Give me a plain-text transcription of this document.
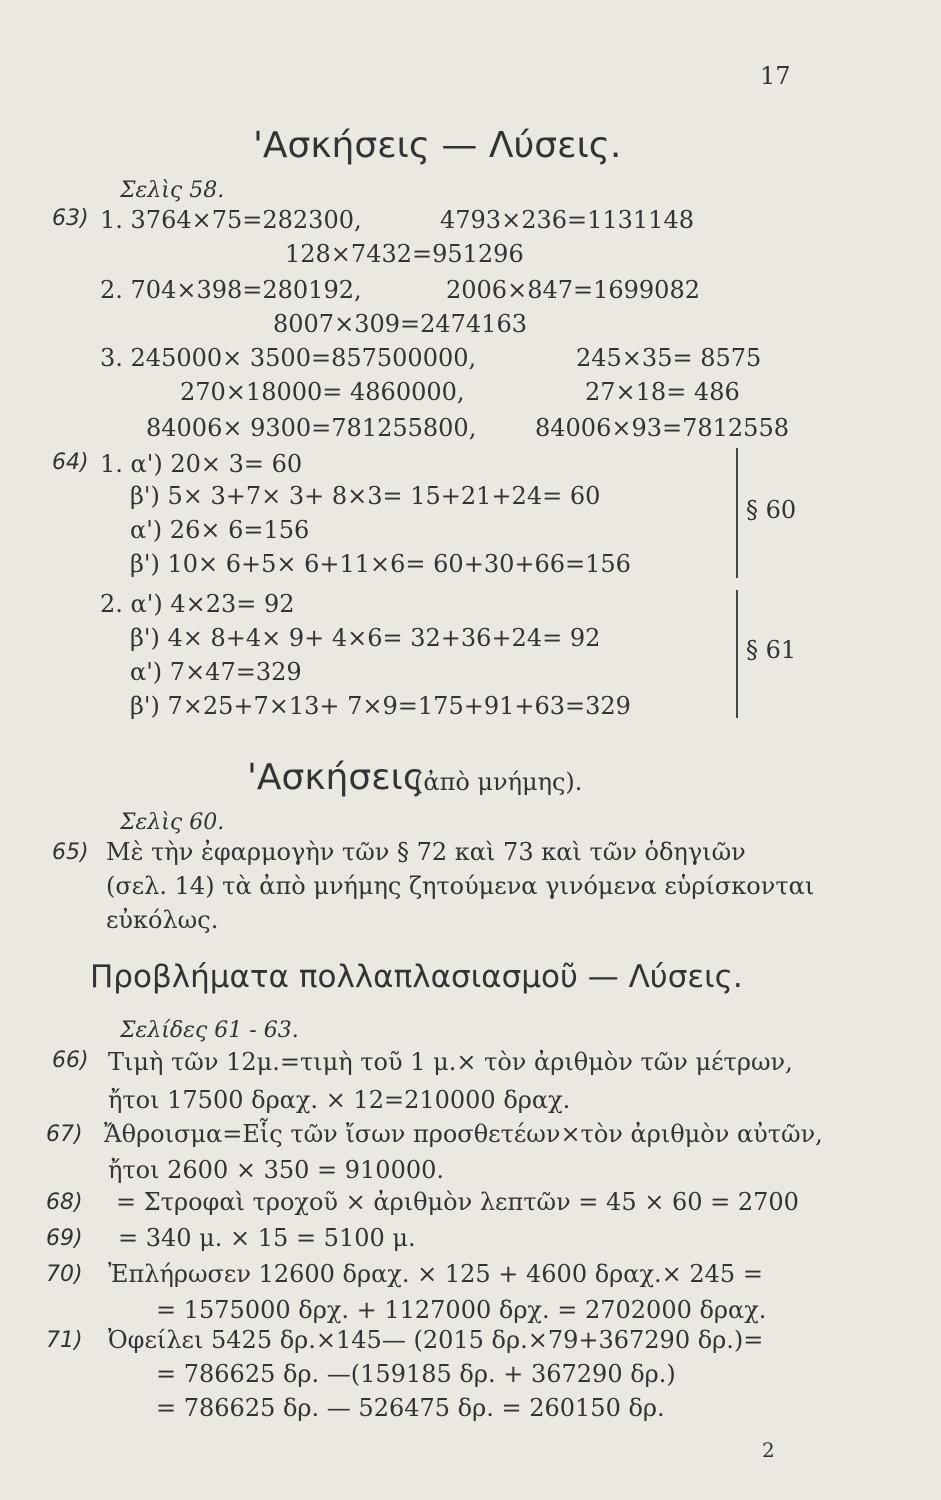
17
'Ασκήσεις — Λύσεις.
Σελὶς 58.
63) 1. 3764×75=282300,	4793×236=1131148
128×7432=951296
2. 704×398=280192,	2006×847=1699082
8007×309=2474163
3. 245000× 3500=857500000,	245×35= 8575
270×18000= 4860000,	27×18= 486
84006× 9300=781255800, 84006×93=7812558
64) 1. α') 20× 3= 60
β') 5× 3+7× 3+ 8×3= 15+21+24= 60
α') 26× 6=156
β') 10× 6+5× 6+11×6= 60+30+66=156
§ 60
2. α') 4×23= 92
β') 4× 8+4× 9+ 4×6= 32+36+24= 92
α') 7×47=329
β') 7×25+7×13+ 7×9=175+91+63=329
§ 61
'Ασκήσεις
(ἀπὸ μνήμης).
Σελὶς 60.
65) Μὲ τὴν ἐφαρμογὴν τῶν § 72 καὶ 73 καὶ τῶν ὁδηγιῶν
(σελ. 14) τὰ ἀπὸ μνήμης ζητούμενα γινόμενα εὑρίσκονται
εὐκόλως.
Προβλήματα πολλαπλασιασμοῦ — Λύσεις.
Σελίδες 61 - 63.
66) Τιμὴ τῶν 12μ.=τιμὴ τοῦ 1 μ.× τὸν ἀριθμὸν τῶν μέτρων,
ἤτοι 17500 δραχ. × 12=210000 δραχ.
67) Ἄθροισμα=Εἷς τῶν ἴσων προσθετέων×τὸν ἀριθμὸν αὐτῶν,
ἤτοι 2600 × 350 = 910000.
68) = Στροφαὶ τροχοῦ × ἀριθμὸν λεπτῶν = 45 × 60 = 2700
69) = 340 μ. × 15 = 5100 μ.
70) Ἐπλήρωσεν 12600 δραχ. × 125 + 4600 δραχ.× 245 =
= 1575000 δρχ. + 1127000 δρχ. = 2702000 δραχ.
71) Ὀφείλει 5425 δρ.×145— (2015 δρ.×79+367290 δρ.)=
= 786625 δρ. —(159185 δρ. + 367290 δρ.)
= 786625 δρ. — 526475 δρ. = 260150 δρ.
2
